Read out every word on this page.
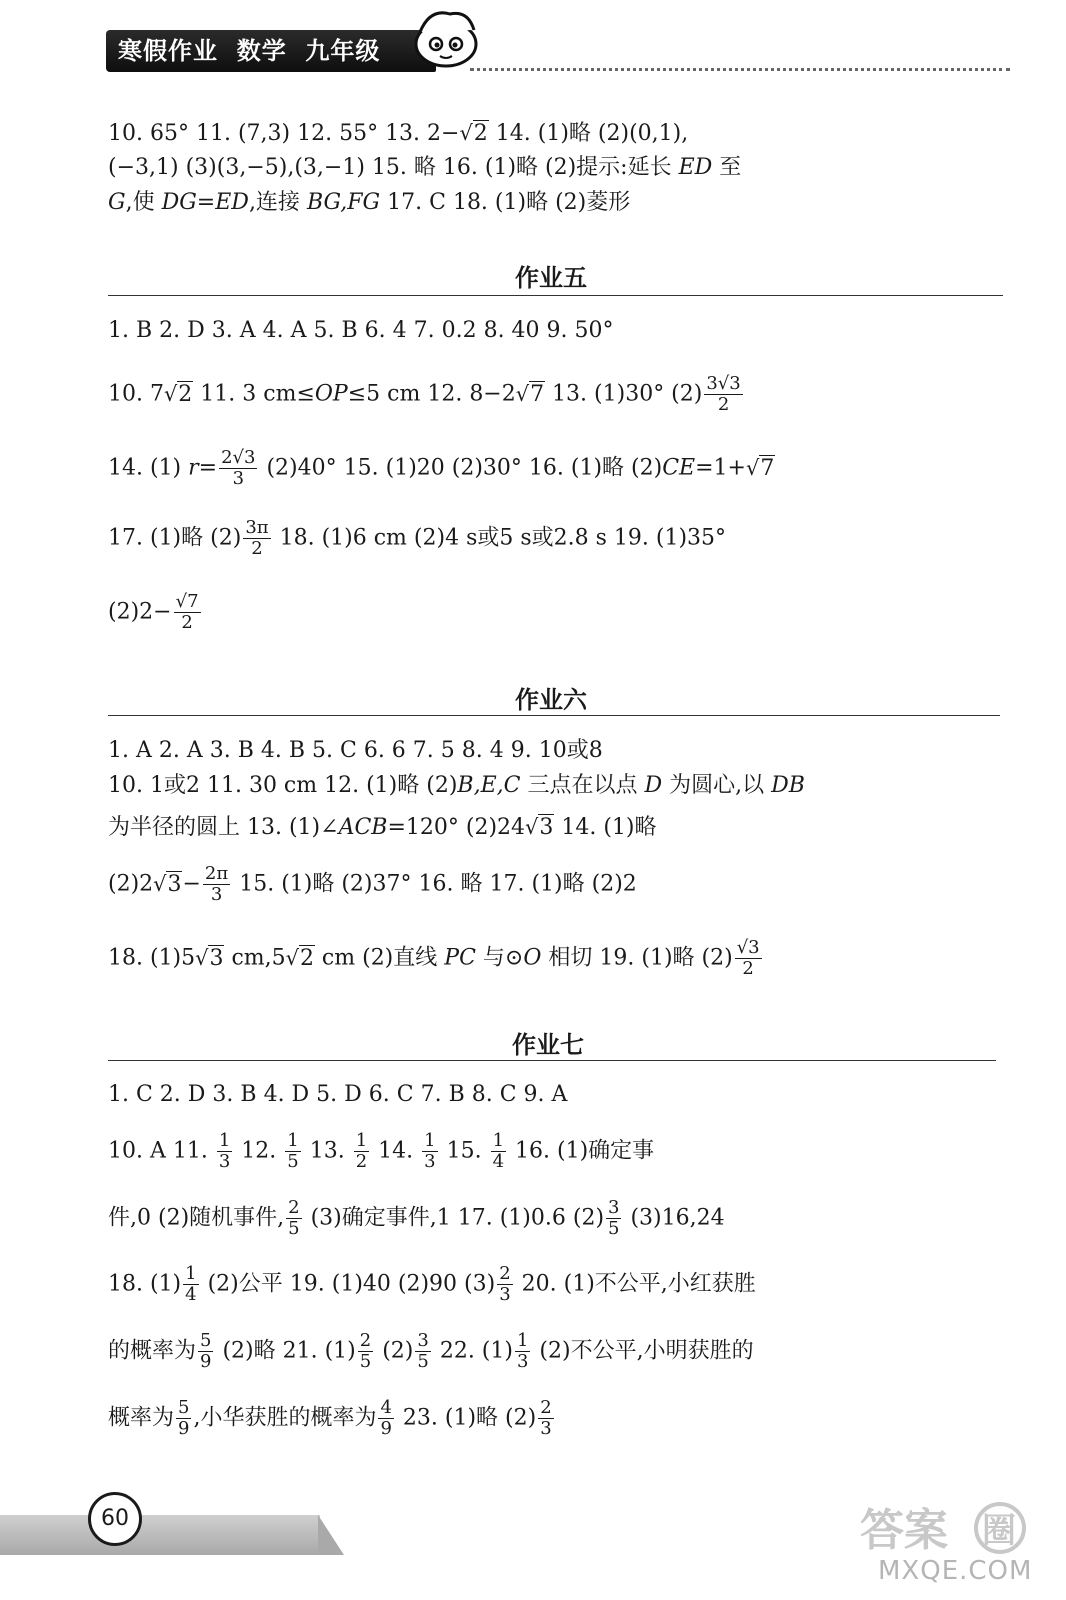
寒假作业  数学  九年级
10. 65° 11. (7,3) 12. 55° 13. 2−√2 14. (1)略 (2)(0,1),
(−3,1) (3)(3,−5),(3,−1) 15. 略 16. (1)略 (2)提示:延长 ED 至
G,使 DG=ED,连接 BG,FG 17. C 18. (1)略 (2)菱形
作业五
1. B 2. D 3. A 4. A 5. B 6. 4 7. 0.2 8. 40 9. 50°
10. 7√2 11. 3 cm≤OP≤5 cm 12. 8−2√7 13. (1)30° $(2) \frac{3√3}{2}$
14. (1) $r= \frac{2√3}{3} (2)40^\circ$ 15. (1)20 (2)30° 16. (1)略 (2)CE=1+√7
17. (1)略 $(2) \frac{3\pi}{2} 18$. (1)6 cm (2)4 s或5 s或2.8 s 19. (1)35°
$(2)2- \frac{√7}{2}$
作业六
1. A 2. A 3. B 4. B 5. C 6. 6 7. 5 8. 4 9. 10或8
10. 1或2 11. 30 cm 12. (1)略 (2)B,E,C 三点在以点 D 为圆心,以 DB
为半径的圆上 13. (1)∠ACB=120° (2)24√3 14. (1)略
$(2)2√3- \frac{2\pi}{3} 15$. (1)略 (2)37° 16. 略 17. (1)略 (2)2
18. (1)5√3 cm,5√2 cm (2)直线 PC 与⊙O 相切 19. (1)略 $(2) \frac{√3}{2}$
作业七
1. C 2. D 3. B 4. D 5. D 6. C 7. B 8. C 9. A
10. A 11. $\frac{1}{3} 12$. $\frac{1}{5} 13$. $\frac{1}{2} 14$. $\frac{1}{3} 15$. $\frac{1}{4} 16$. (1)确定事
件,0 (2)随机事件, $\frac{2}{5} (3)$确定事件,1 17. (1)0.6 $(2) \frac{3}{5} (3)16,24$
18. $(1) \frac{1}{4} (2)$公平 19. (1)40 (2)90 $(3) \frac{2}{3} 20$. (1)不公平,小红获胜
的概率为 $\frac{5}{9} (2)$略 21. $(1) \frac{2}{5} (2) \frac{3}{5} 22$. $(1) \frac{1}{3} (2)$不公平,小明获胜的
概率为 $\frac{5}{9}$ ,小华获胜的概率为 $\frac{4}{9} 23$. (1)略 $(2) \frac{2}{3}$
60	答案 圈
MXQE.COM
